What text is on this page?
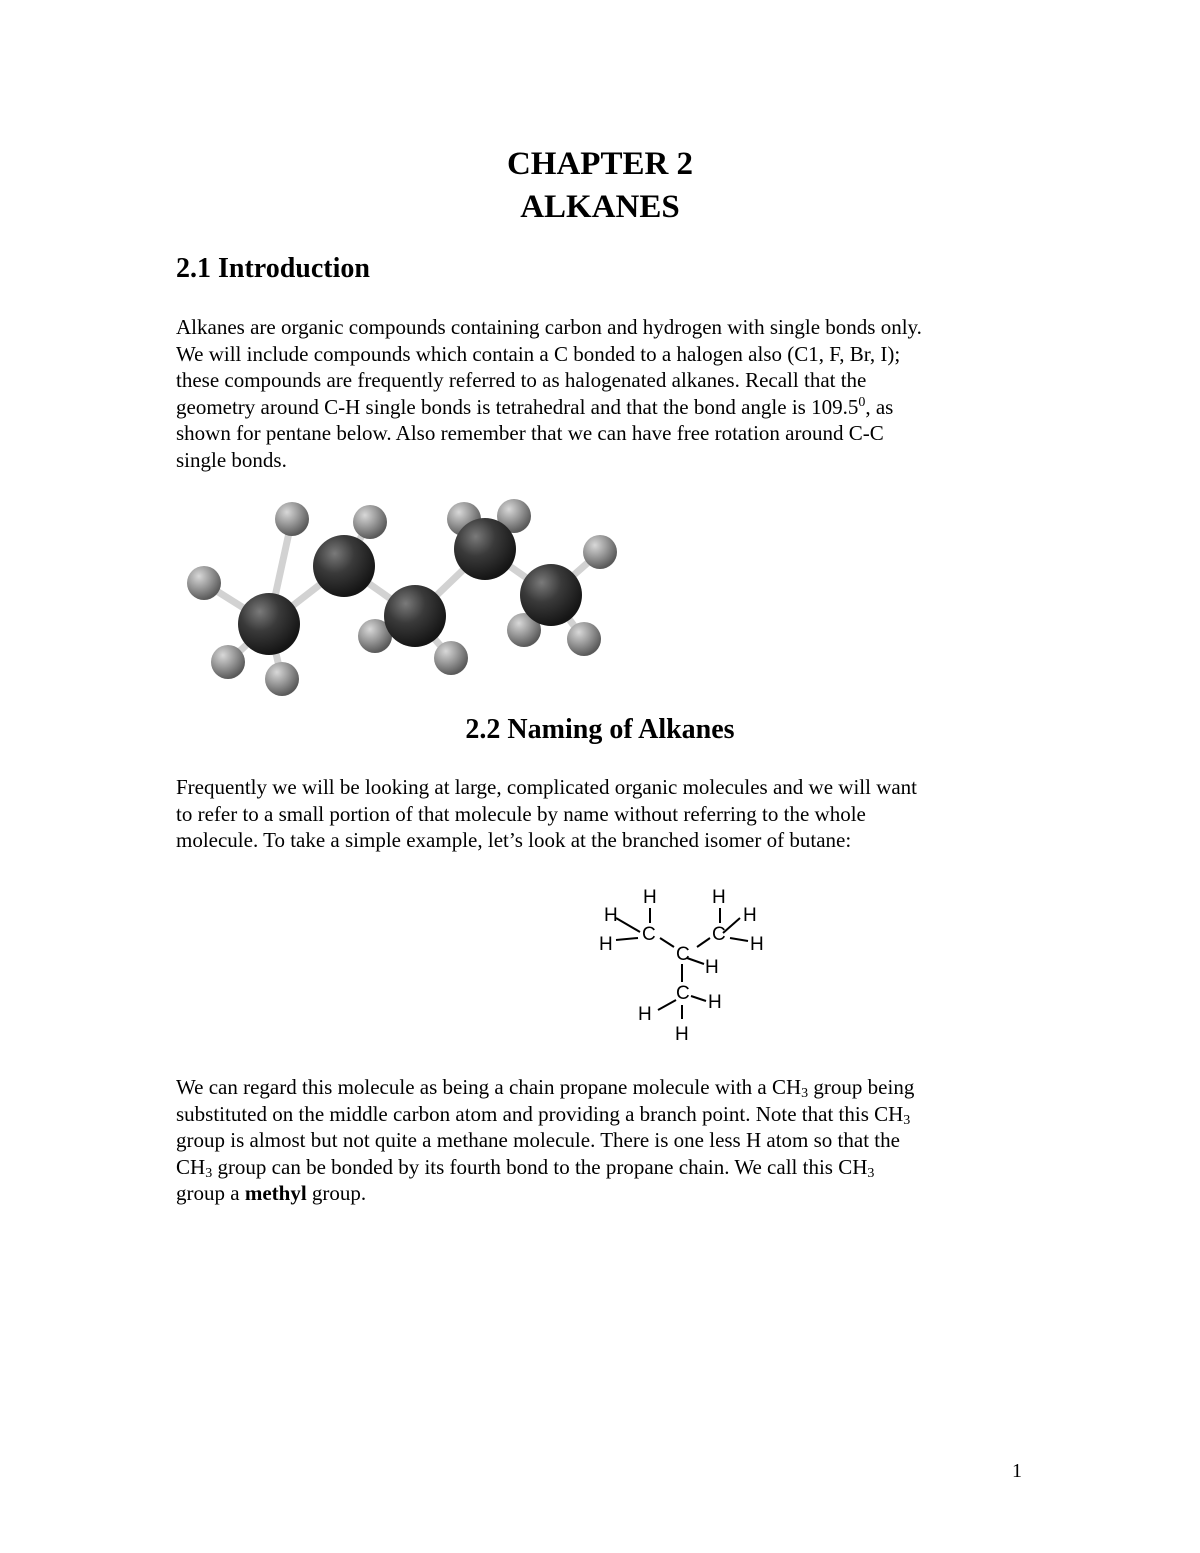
CHAPTER 2
ALKANES
2.1 Introduction
Alkanes are organic compounds containing carbon and hydrogen with single bonds only.
We will include compounds which contain a C bonded to a halogen also (C1, F, Br, I);
these compounds are frequently referred to as halogenated alkanes. Recall that the
geometry around C-H single bonds is tetrahedral and that the bond angle is 109.5$^0$, as
shown for pentane below. Also remember that we can have free rotation around C-C
single bonds.
2.2 Naming of Alkanes
Frequently we will be looking at large, complicated organic molecules and we will want
to refer to a small portion of that molecule by name without referring to the whole
molecule. To take a simple example, let’s look at the branched isomer of butane:
H	H
H	H
C	C
H	H
C
H
C H
H
H
We can regard this molecule as being a chain propane molecule with a $CH_3$ group being
substituted on the middle carbon atom and providing a branch point. Note that this $CH_3$
group is almost but not quite a methane molecule. There is one less H atom so that the
$CH_3$ group can be bonded by its fourth bond to the propane chain. We call this $CH_3$
group a methyl group.
1
